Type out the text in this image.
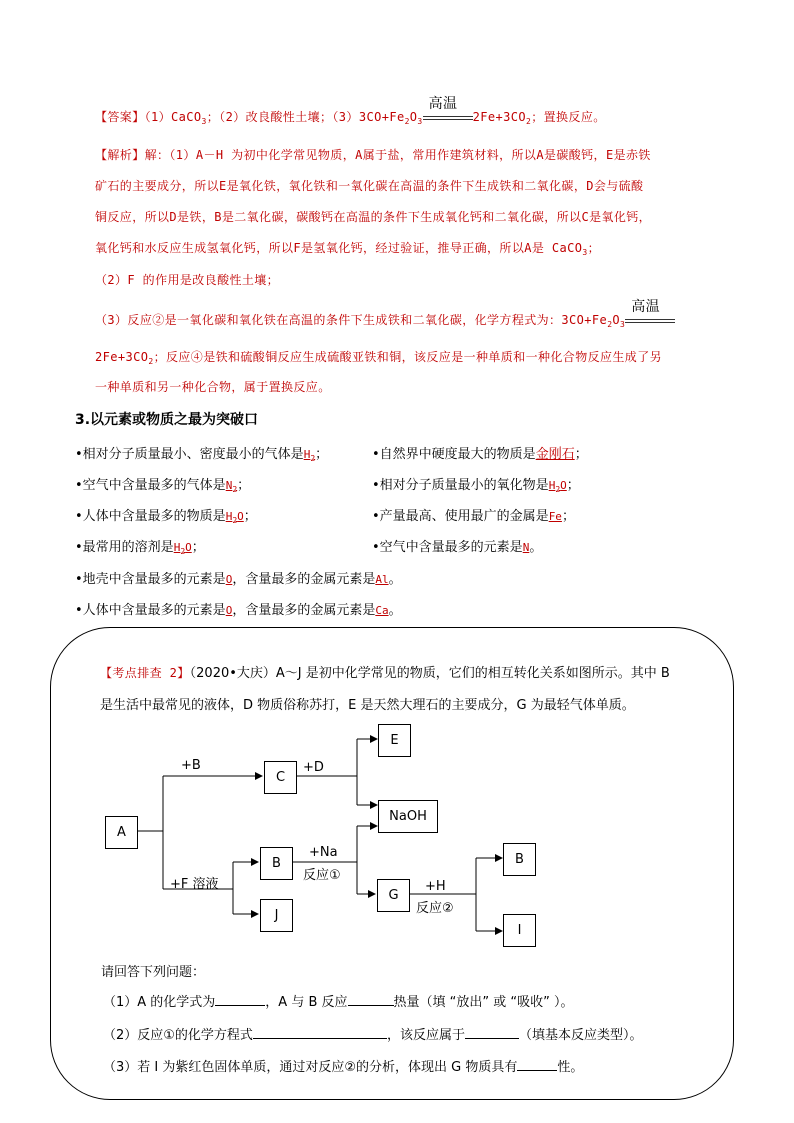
【答案】（1）CaCO$_3$；（2）改良酸性土壤；$(3)3CO+Fe_2O_3$
高温
$2Fe+3CO_2$；置换反应。
【解析】解：（1）A－H 为初中化学常见物质，A属于盐，常用作建筑材料，所以A是碳酸钙，E是赤铁
矿石的主要成分，所以E是氧化铁，氧化铁和一氧化碳在高温的条件下生成铁和二氧化碳，D会与硫酸
铜反应，所以D是铁，B是二氧化碳，碳酸钙在高温的条件下生成氧化钙和二氧化碳，所以C是氧化钙，
氧化钙和水反应生成氢氧化钙，所以F是氢氧化钙，经过验证，推导正确，所以A是 CaCO$_3$；
（2）F 的作用是改良酸性土壤；
（3）反应②是一氧化碳和氧化铁在高温的条件下生成铁和二氧化碳，化学方程式为：$3CO+Fe_2O_3$
高温
$2Fe+3CO_2$；反应④是铁和硫酸铜反应生成硫酸亚铁和铜，该反应是一种单质和一种化合物反应生成了另
一种单质和另一种化合物，属于置换反应。
3.以元素或物质之最为突破口
•相对分子质量最小、密度最小的气体是$H_2$；	•自然界中硬度最大的物质是金刚石；
•空气中含量最多的气体是$N_2$；	•相对分子质量最小的氧化物是$H_2O$；
•人体中含量最多的物质是$H_2O$；	•产量最高、使用最广的金属是Fe；
•最常用的溶剂是$H_2O$；	•空气中含量最多的元素是N。
•地壳中含量最多的元素是O，含量最多的金属元素是Al。
•人体中含量最多的元素是O，含量最多的金属元素是Ca。
【考点排查 2】（2020•大庆）A～J 是初中化学常见的物质，它们的相互转化关系如图所示。其中 B
是生活中最常见的液体，D 物质俗称苏打，E 是天然大理石的主要成分，G 为最轻气体单质。
A
C
E
NaOH
B
J
G
B
I
+B	+D
+F 溶液
+Na
反应①
+H
反应②
请回答下列问题：
（1）A 的化学式为	，A 与 B 反应	热量（填 “放出” 或 “吸收” ）。
（2）反应①的化学方程式	，该反应属于	（填基本反应类型）。
（3）若 I 为紫红色固体单质，通过对反应②的分析，体现出 G 物质具有	性。
